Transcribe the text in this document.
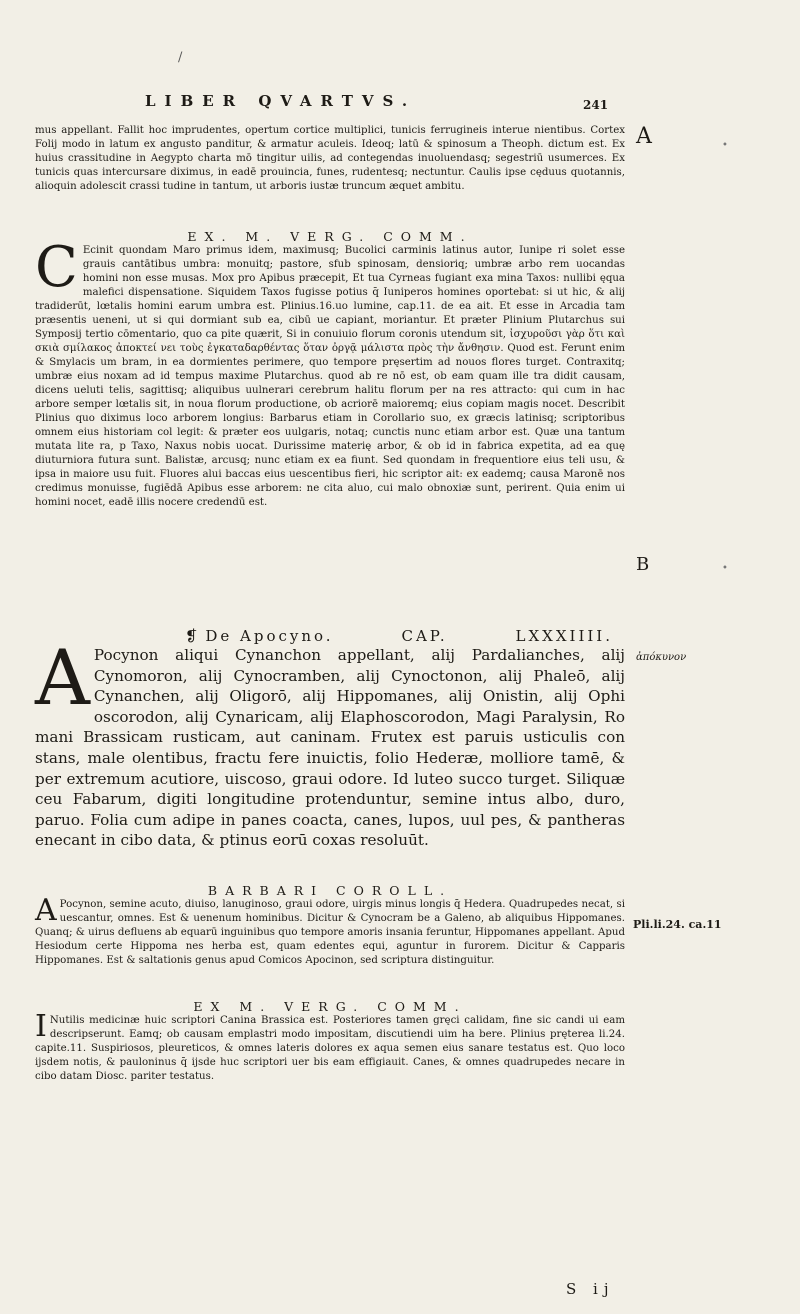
/
LIBER QVARTVS.	241
A	•
B	•
ἀπόκυνον
Pli.li.24. ca.11

mus appellant. Fallit hoc imprudentes, opertum cortice multiplici, tunicis ferrugineis interue nientibus. Cortex Folij modo in latum ex angusto panditur, & armatur aculeis. Ideoq; latū & spinosum a Theoph. dictum est. Ex huius crassitudine in Aegypto charta mō tingitur uilis, ad contegendas inuoluendasq; segestriū usumerces. Ex tunicis quas intercursare diximus, in eadē prouincia, funes, rudentesq; nectuntur. Caulis ipse cęduus quotannis, alioquin adolescit crassi tudine in tantum, ut arboris iustæ truncum æquet ambitu.

EX. M. VERG. COMM.

C Ecinit quondam Maro primus idem, maximusq; Bucolici carminis latinus autor, Iunipe ri solet esse grauis cantātibus umbra: monuitq; pastore, sfub spinosam, densioriq; umbræ arbo rem uocandas homini non esse musas. Mox pro Apibus præcepit, Et tua Cyrneas fugiant exa mina Taxos: nullibi ęqua malefici dispensatione. Siquidem Taxos fugisse potius q̄ Iuniperos homines oportebat: si ut hic, & alij tradiderūt, lœtalis homini earum umbra est. Plinius.16.uo lumine, cap.11. de ea ait. Et esse in Arcadia tam præsentis ueneni, ut si qui dormiant sub ea, cibū ue capiant, moriantur. Et præter Plinium Plutarchus sui Symposij tertio cōmentario, quo ca pite quærit, Si in conuiuio florum coronis utendum sit, ἰσχυροῦσι γὰρ ὅτι καὶ σκιὰ σμίλακος ἀποκτεί νει τοὺς ἐγκαταδαρθέντας ὅταν ὀργᾷ μάλιστα πρὸς τὴν ἄνθησιν. Quod est. Ferunt enim & Smylacis um bram, in ea dormientes perimere, quo tempore pręsertim ad nouos flores turget. Contraxitq; umbræ eius noxam ad id tempus maxime Plutarchus. quod ab re nō est, ob eam quam ille tra didit causam, dicens ueluti telis, sagittisq; aliquibus uulnerari cerebrum halitu florum per na res attracto: qui cum in hac arbore semper lœtalis sit, in noua florum productione, ob acriorē maioremq; eius copiam magis nocet. Describit Plinius quo diximus loco arborem longius: Barbarus etiam in Corollario suo, ex græcis latinisq; scriptoribus omnem eius historiam col legit: & præter eos uulgaris, notaq; cunctis nunc etiam arbor est. Quæ una tantum mutata lite ra, p Taxo, Naxus nobis uocat. Durissime materię arbor, & ob id in fabrica expetita, ad ea quę diuturniora futura sunt. Balistæ, arcusq; nunc etiam ex ea fiunt. Sed quondam in frequentiore eius teli usu, & ipsa in maiore usu fuit. Fluores alui baccas eius uescentibus fieri, hic scriptor ait: ex eademq; causa Maronē nos credimus monuisse, fugiēdā Apibus esse arborem: ne cita aluo, cui malo obnoxiæ sunt, perirent. Quia enim ui homini nocet, eadē illis nocere credendū est.

❡ De Apocyno.	CAP.	LXXXIIII.

A Pocynon aliqui Cynanchon appellant, alij Pardalianches, alij Cynomoron, alij Cynocramben, alij Cynoctonon, alij Phaleō, alij Cynanchen, alij Oligorō, alij Hippomanes, alij Onistin, alij Ophi oscorodon, alij Cynaricam, alij Elaphoscorodon, Magi Paralysin, Ro mani Brassicam rusticam, aut caninam. Frutex est paruis usticulis con stans, male olentibus, fractu fere inuictis, folio Hederæ, molliore tamē, & per extremum acutiore, uiscoso, graui odore. Id luteo succo turget. Siliquæ ceu Fabarum, digiti longitudine protenduntur, semine intus albo, duro, paruo. Folia cum adipe in panes coacta, canes, lupos, uul pes, & pantheras enecant in cibo data, & ptinus eorū coxas resoluūt.

BARBARI COROLL.

A Pocynon, semine acuto, diuiso, lanuginoso, graui odore, uirgis minus longis q̄ Hedera. Quadrupedes necat, si uescantur, omnes. Est & uenenum hominibus. Dicitur & Cynocram be a Galeno, ab aliquibus Hippomanes. Quanq; & uirus defluens ab equarū inguinibus quo tempore amoris insania feruntur, Hippomanes appellant. Apud Hesiodum certe Hippoma nes herba est, quam edentes equi, aguntur in furorem. Dicitur & Capparis Hippomanes. Est & saltationis genus apud Comicos Apocinon, sed scriptura distinguitur.

EX M. VERG. COMM.

I Nutilis medicinæ huic scriptori Canina Brassica est. Posteriores tamen gręci calidam, fine sic candi ui eam descripserunt. Eamq; ob causam emplastri modo impositam, discutiendi uim ha bere. Plinius pręterea li.24. capite.11. Suspiriosos, pleureticos, & omnes lateris dolores ex aqua semen eius sanare testatus est. Quo loco ijsdem notis, & pauloninus q̄ ijsde huc scriptori uer bis eam effigiauit. Canes, & omnes quadrupedes necare in cibo datam Diosc. pariter testatus.

S ij
